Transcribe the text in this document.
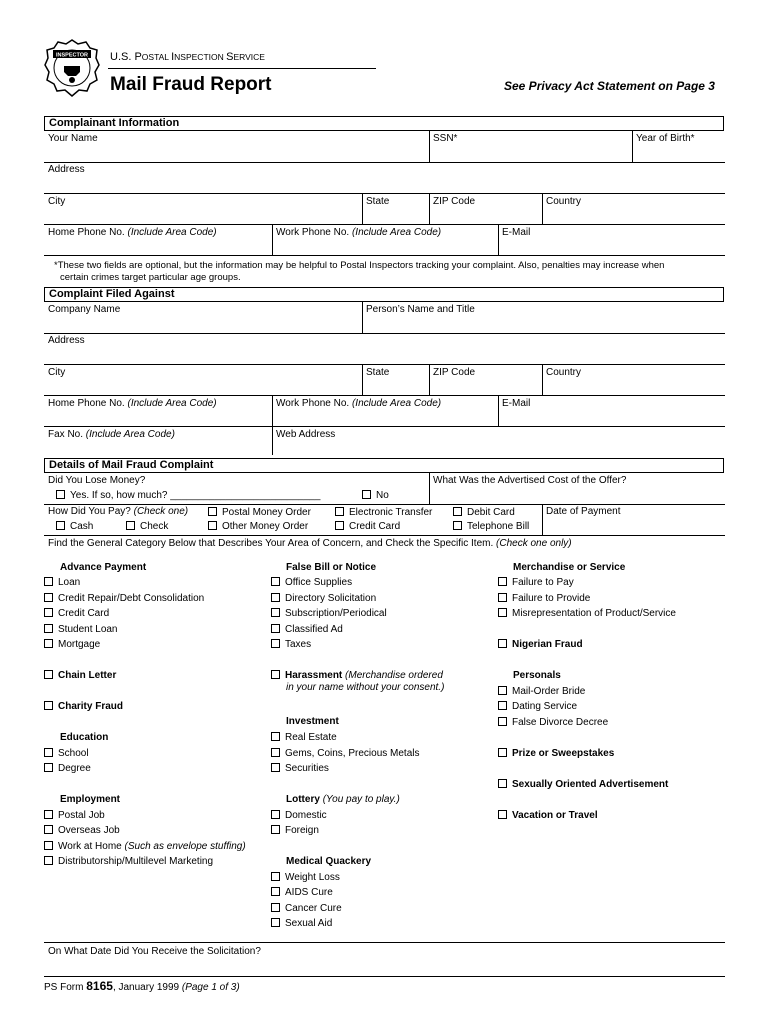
INSPECTOR U.S. POSTAL INSPECTION SERVICE
Mail Fraud Report	See Privacy Act Statement on Page 3
Complainant Information
Your Name	SSN*	Year of Birth*
Address
City	State	ZIP Code	Country
Home Phone No. (Include Area Code)	Work Phone No. (Include Area Code)	E-Mail
*These two fields are optional, but the information may be helpful to Postal Inspectors tracking your complaint. Also, penalties may increase when
certain crimes target particular age groups.
Complaint Filed Against
Company Name	Person’s Name and Title
Address
City	State	ZIP Code	Country
Home Phone No. (Include Area Code)	Work Phone No. (Include Area Code)	E-Mail
Fax No. (Include Area Code)	Web Address
Details of Mail Fraud Complaint
Did You Lose Money?	What Was the Advertised Cost of the Offer?
Yes. If so, how much? ___________________________	No
How Did You Pay? (Check one)
Cash	Check
Postal Money Order
Other Money Order
Electronic Transfer
Credit Card
Debit Card
Telephone Bill
Date of Payment
Find the General Category Below that Describes Your Area of Concern, and Check the Specific Item. (Check one only)
Advance Payment
Loan
Credit Repair/Debt Consolidation
Credit Card
Student Loan
Mortgage
Chain Letter
Charity Fraud
Education
School
Degree
Employment
Postal Job
Overseas Job
Work at Home (Such as envelope stuffing)
Distributorship/Multilevel Marketing
False Bill or Notice
Office Supplies
Directory Solicitation
Subscription/Periodical
Classified Ad
Taxes
Harassment (Merchandise ordered
in your name without your consent.)
Investment
Real Estate
Gems, Coins, Precious Metals
Securities
Lottery (You pay to play.)
Domestic
Foreign
Medical Quackery
Weight Loss
AIDS Cure
Cancer Cure
Sexual Aid
Merchandise or Service
Failure to Pay
Failure to Provide
Misrepresentation of Product/Service
Nigerian Fraud
Personals
Mail-Order Bride
Dating Service
False Divorce Decree
Prize or Sweepstakes
Sexually Oriented Advertisement
Vacation or Travel
On What Date Did You Receive the Solicitation?
PS Form 8165, January 1999 (Page 1 of 3)
